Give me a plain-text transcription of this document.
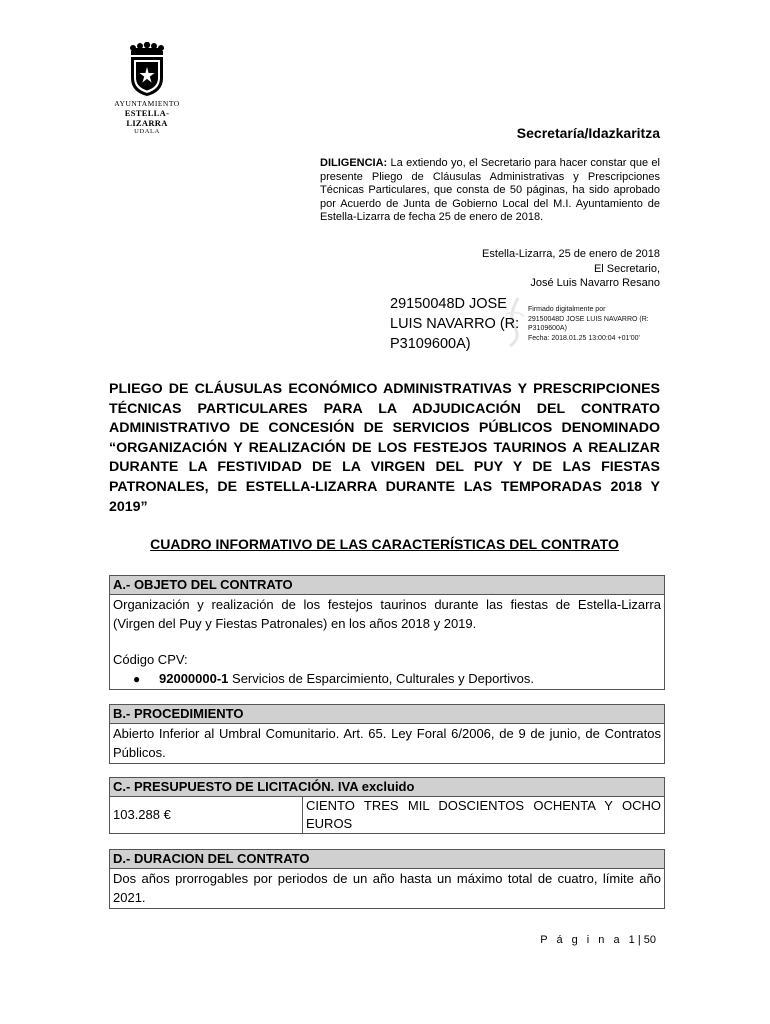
AYUNTAMIENTO
ESTELLA-LIZARRA
UDALA	Secretaría/Idazkaritza
DILIGENCIA: La extiendo yo, el Secretario para hacer constar que el presente Pliego de Cláusulas Administrativas y Prescripciones Técnicas Particulares, que consta de 50 páginas, ha sido aprobado por Acuerdo de Junta de Gobierno Local del M.I. Ayuntamiento de Estella-Lizarra de fecha 25 de enero de 2018.
Estella-Lizarra, 25 de enero de 2018
El Secretario,
José Luis Navarro Resano
29150048D JOSE
LUIS NAVARRO (R:
P3109600A)
Firmado digitalmente por
29150048D JOSE LUIS NAVARRO (R:
P3109600A)
Fecha: 2018.01.25 13:00:04 +01'00'
PLIEGO DE CLÁUSULAS ECONÓMICO ADMINISTRATIVAS Y PRESCRIPCIONES TÉCNICAS PARTICULARES PARA LA ADJUDICACIÓN DEL CONTRATO ADMINISTRATIVO DE CONCESIÓN DE SERVICIOS PÚBLICOS DENOMINADO “ORGANIZACIÓN Y REALIZACIÓN DE LOS FESTEJOS TAURINOS A REALIZAR DURANTE LA FESTIVIDAD DE LA VIRGEN DEL PUY Y DE LAS FIESTAS PATRONALES, DE ESTELLA-LIZARRA DURANTE LAS TEMPORADAS 2018 Y 2019”
CUADRO INFORMATIVO DE LAS CARACTERÍSTICAS DEL CONTRATO
A.- OBJETO DEL CONTRATO

Organización y realización de los festejos taurinos durante las fiestas de Estella-Lizarra (Virgen del Puy y Fiestas Patronales) en los años 2018 y 2019.

Código CPV:

●	92000000-1 Servicios de Esparcimiento, Culturales y Deportivos.
B.- PROCEDIMIENTO
Abierto Inferior al Umbral Comunitario. Art. 65. Ley Foral 6/2006, de 9 de junio, de Contratos Públicos.
C.- PRESUPUESTO DE LICITACIÓN. IVA excluido
103.288 €
CIENTO TRES MIL DOSCIENTOS OCHENTA Y OCHO EUROS
D.- DURACION DEL CONTRATO
Dos años prorrogables por periodos de un año hasta un máximo total de cuatro, límite año 2021.
P á g i n a 1 | 50
